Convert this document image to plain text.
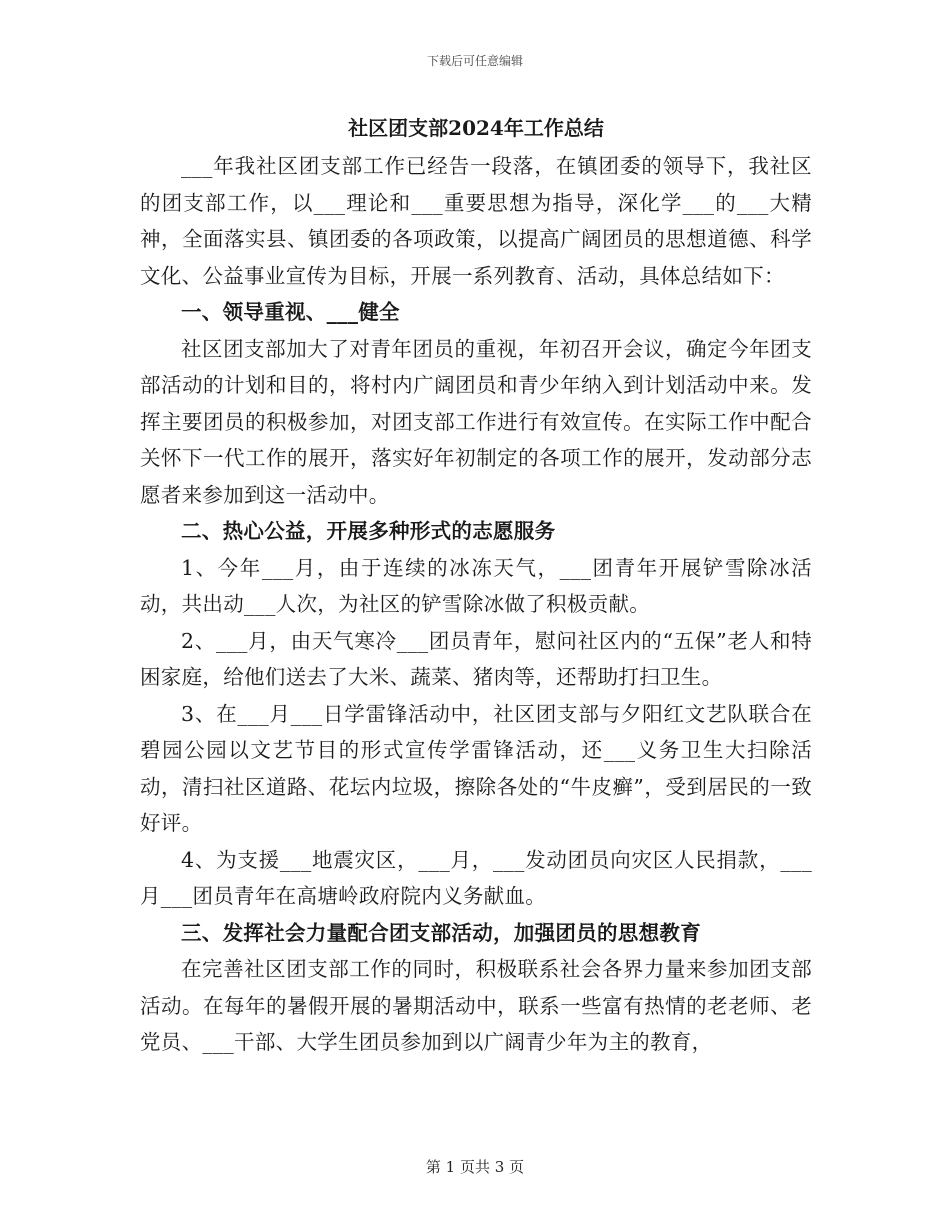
下载后可任意编辑
社区团支部2024年工作总结

___年我社区团支部工作已经告一段落，在镇团委的领导下，我社区的团支部工作，以___理论和___重要思想为指导，深化学___的___大精神，全面落实县、镇团委的各项政策，以提高广阔团员的思想道德、科学文化、公益事业宣传为目标，开展一系列教育、活动，具体总结如下：

一、领导重视、___健全

社区团支部加大了对青年团员的重视，年初召开会议，确定今年团支部活动的计划和目的，将村内广阔团员和青少年纳入到计划活动中来。发挥主要团员的积极参加，对团支部工作进行有效宣传。在实际工作中配合关怀下一代工作的展开，落实好年初制定的各项工作的展开，发动部分志愿者来参加到这一活动中。

二、热心公益，开展多种形式的志愿服务

1、今年___月，由于连续的冰冻天气，___团青年开展铲雪除冰活动，共出动___人次，为社区的铲雪除冰做了积极贡献。

2、___月，由天气寒冷___团员青年，慰问社区内的“五保”老人和特困家庭，给他们送去了大米、蔬菜、猪肉等，还帮助打扫卫生。

3、在___月___日学雷锋活动中，社区团支部与夕阳红文艺队联合在碧园公园以文艺节目的形式宣传学雷锋活动，还___义务卫生大扫除活动，清扫社区道路、花坛内垃圾，擦除各处的“牛皮癣”，受到居民的一致好评。

4、为支援___地震灾区，___月，___发动团员向灾区人民捐款，___月___团员青年在高塘岭政府院内义务献血。

三、发挥社会力量配合团支部活动，加强团员的思想教育

在完善社区团支部工作的同时，积极联系社会各界力量来参加团支部活动。在每年的暑假开展的暑期活动中，联系一些富有热情的老老师、老党员、___干部、大学生团员参加到以广阔青少年为主的教育，

第 1 页共 3 页
